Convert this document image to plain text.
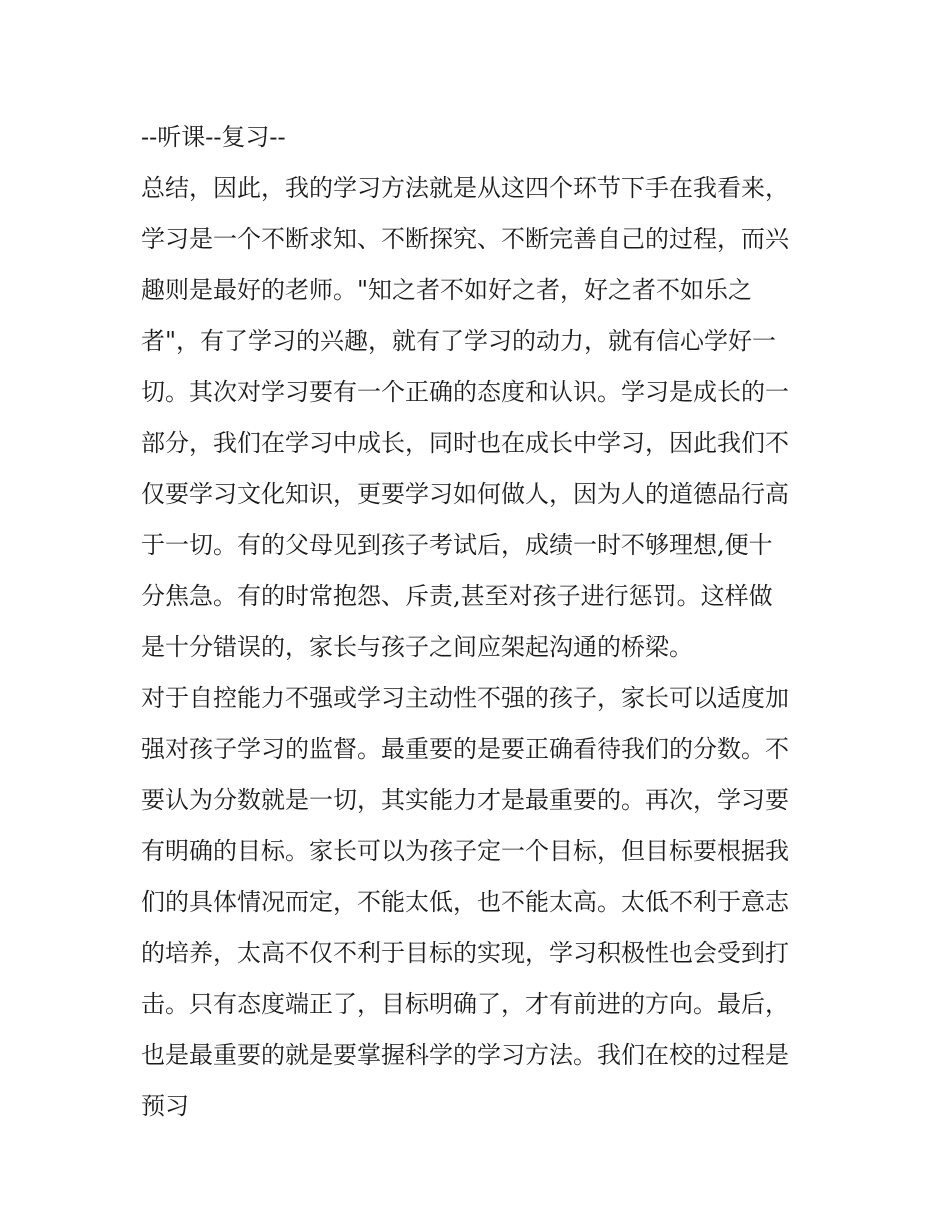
--听课--复习--
总结，因此，我的学习方法就是从这四个环节下手在我看来，
学习是一个不断求知、不断探究、不断完善自己的过程，而兴
趣则是最好的老师。"知之者不如好之者，好之者不如乐之
者"，有了学习的兴趣，就有了学习的动力，就有信心学好一
切。其次对学习要有一个正确的态度和认识。学习是成长的一
部分，我们在学习中成长，同时也在成长中学习，因此我们不
仅要学习文化知识，更要学习如何做人，因为人的道德品行高
于一切。有的父母见到孩子考试后，成绩一时不够理想,便十
分焦急。有的时常抱怨、斥责,甚至对孩子进行惩罚。这样做
是十分错误的，家长与孩子之间应架起沟通的桥梁。
对于自控能力不强或学习主动性不强的孩子，家长可以适度加
强对孩子学习的监督。最重要的是要正确看待我们的分数。不
要认为分数就是一切，其实能力才是最重要的。再次，学习要
有明确的目标。家长可以为孩子定一个目标，但目标要根据我
们的具体情况而定，不能太低，也不能太高。太低不利于意志
的培养，太高不仅不利于目标的实现，学习积极性也会受到打
击。只有态度端正了，目标明确了，才有前进的方向。最后，
也是最重要的就是要掌握科学的学习方法。我们在校的过程是
预习
